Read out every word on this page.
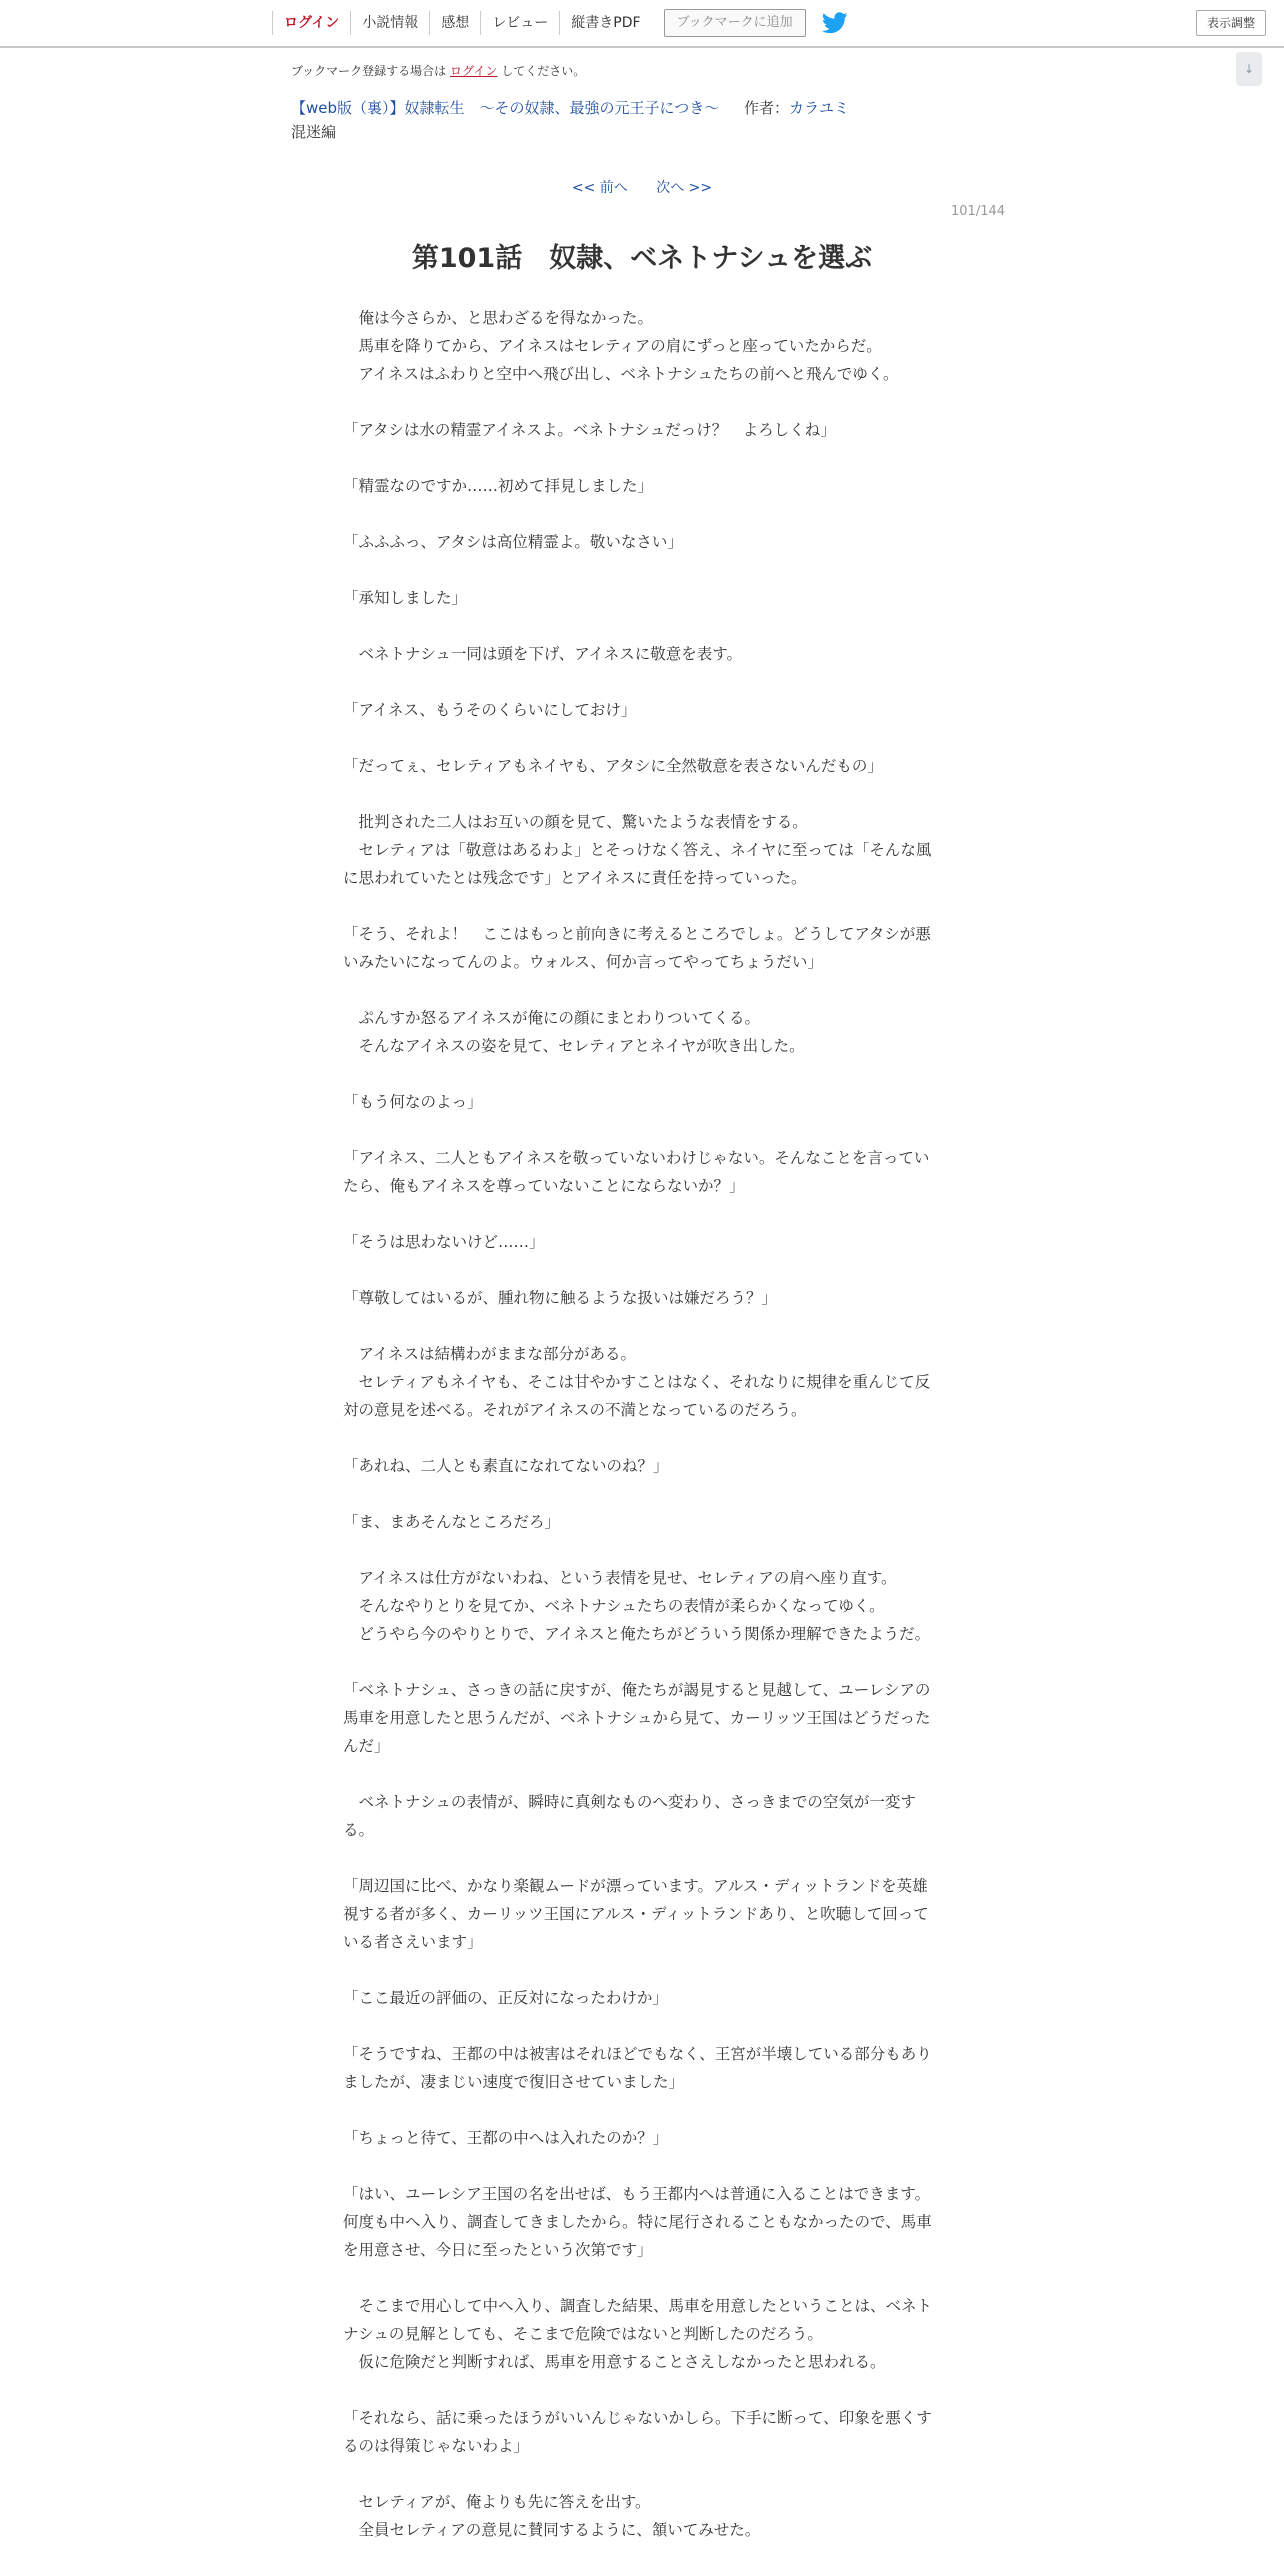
ログイン	小説情報	感想	レビュー	縦書きPDF	ブックマークに追加	表示調整
↓
ブックマーク登録する場合は ログイン してください。
【web版（裏）】奴隷転生　～その奴隷、最強の元王子につき～ 作者：カラユミ
混迷編
<< 前へ 次へ >>
101/144
第101話　奴隷、ベネトナシュを選ぶ

　俺は今さらか、と思わざるを得なかった。

　馬車を降りてから、アイネスはセレティアの肩にずっと座っていたからだ。

　アイネスはふわりと空中へ飛び出し、ベネトナシュたちの前へと飛んでゆく。

「アタシは水の精霊アイネスよ。ベネトナシュだっけ？　よろしくね」

「精霊なのですか……初めて拝見しました」

「ふふふっ、アタシは高位精霊よ。敬いなさい」

「承知しました」

　ベネトナシュ一同は頭を下げ、アイネスに敬意を表す。

「アイネス、もうそのくらいにしておけ」

「だってぇ、セレティアもネイヤも、アタシに全然敬意を表さないんだもの」

　批判された二人はお互いの顔を見て、驚いたような表情をする。

　セレティアは「敬意はあるわよ」とそっけなく答え、ネイヤに至っては「そんな風に思われていたとは残念です」とアイネスに責任を持っていった。

「そう、それよ！　ここはもっと前向きに考えるところでしょ。どうしてアタシが悪いみたいになってんのよ。ウォルス、何か言ってやってちょうだい」

　ぷんすか怒るアイネスが俺にの顔にまとわりついてくる。

　そんなアイネスの姿を見て、セレティアとネイヤが吹き出した。

「もう何なのよっ」

「アイネス、二人ともアイネスを敬っていないわけじゃない。そんなことを言っていたら、俺もアイネスを尊っていないことにならないか？」

「そうは思わないけど……」

「尊敬してはいるが、腫れ物に触るような扱いは嫌だろう？」

　アイネスは結構わがままな部分がある。

　セレティアもネイヤも、そこは甘やかすことはなく、それなりに規律を重んじて反対の意見を述べる。それがアイネスの不満となっているのだろう。

「あれね、二人とも素直になれてないのね？」

「ま、まあそんなところだろ」

　アイネスは仕方がないわね、という表情を見せ、セレティアの肩へ座り直す。

　そんなやりとりを見てか、ベネトナシュたちの表情が柔らかくなってゆく。

　どうやら今のやりとりで、アイネスと俺たちがどういう関係か理解できたようだ。

「ベネトナシュ、さっきの話に戻すが、俺たちが謁見すると見越して、ユーレシアの馬車を用意したと思うんだが、ベネトナシュから見て、カーリッツ王国はどうだったんだ」

　ベネトナシュの表情が、瞬時に真剣なものへ変わり、さっきまでの空気が一変する。

「周辺国に比べ、かなり楽観ムードが漂っています。アルス・ディットランドを英雄視する者が多く、カーリッツ王国にアルス・ディットランドあり、と吹聴して回っている者さえいます」

「ここ最近の評価の、正反対になったわけか」

「そうですね、王都の中は被害はそれほどでもなく、王宮が半壊している部分もありましたが、凄まじい速度で復旧させていました」

「ちょっと待て、王都の中へは入れたのか？」

「はい、ユーレシア王国の名を出せば、もう王都内へは普通に入ることはできます。何度も中へ入り、調査してきましたから。特に尾行されることもなかったので、馬車を用意させ、今日に至ったという次第です」

　そこまで用心して中へ入り、調査した結果、馬車を用意したということは、ベネトナシュの見解としても、そこまで危険ではないと判断したのだろう。

　仮に危険だと判断すれば、馬車を用意することさえしなかったと思われる。

「それなら、話に乗ったほうがいいんじゃないかしら。下手に断って、印象を悪くするのは得策じゃないわよ」

　セレティアが、俺よりも先に答えを出す。

　全員セレティアの意見に賛同するように、頷いてみせた。
